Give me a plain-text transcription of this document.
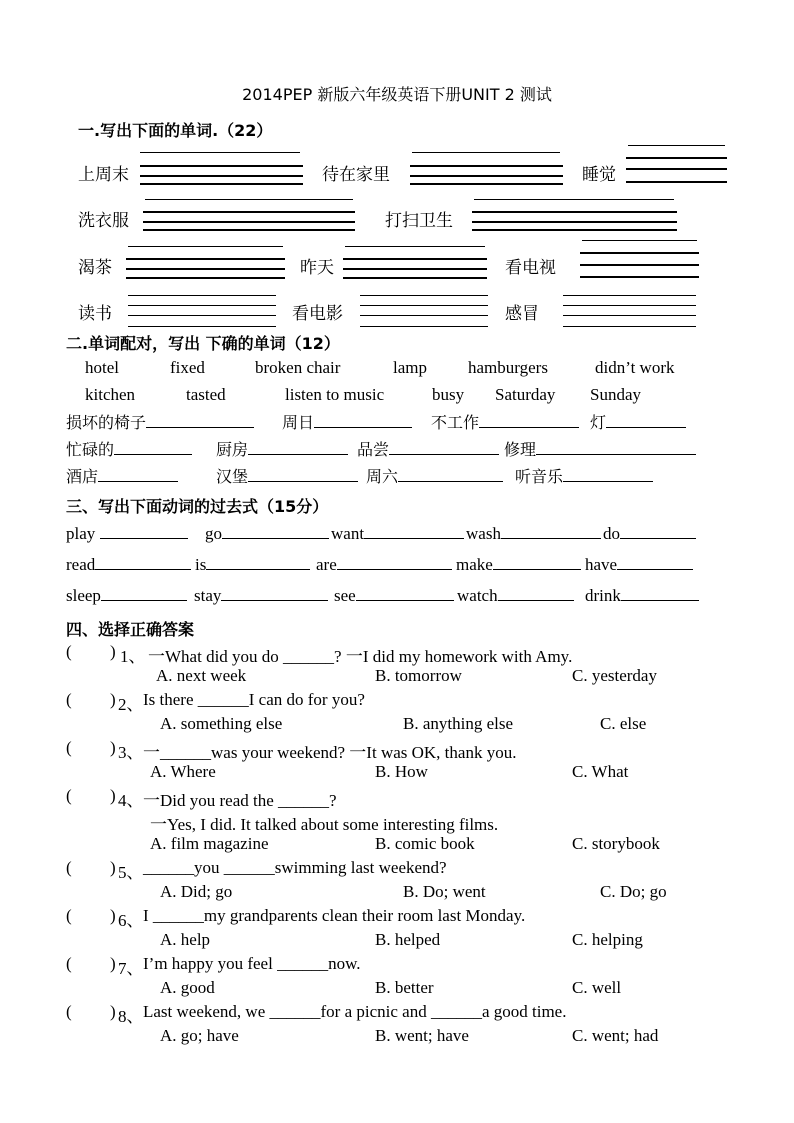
2014PEP 新版六年级英语下册UNIT 2 测试
一.写出下面的单词.（22）
上周末	待在家里	睡觉
洗衣服	打扫卫生
渴茶	昨天	看电视
读书	看电影	感冒
二.单词配对，写出 下确的单词（12）
hotel	fixed	broken chair	lamp hamburgers	didn’t work
kitchen	tasted	listen to music	busy Saturday Sunday
损坏的椅子	周日	不工作	灯
忙碌的	厨房	品尝	修理
酒店	汉堡	周六	听音乐
三、写出下面动词的过去式（15分）
play	go	want	wash	do
read	is	are	make	have
sleep	stay	see	watch	drink
四、选择正确答案
( ) 1、 一What did you do ______? 一I did my homework with Amy.
A. next week	B. tomorrow	C. yesterday
( ) 2、 Is there ______I can do for you?
A. something else	B. anything else	C. else
( ) 3、 一______was your weekend? 一It was OK, thank you.
A. Where	B. How	C. What
( ) 4、 一Did you read the ______?
一Yes, I did. It talked about some interesting films.
A. film magazine	B. comic book	C. storybook
( ) 5、 ______you ______swimming last weekend?
A. Did; go	B. Do; went	C. Do; go
( ) 6、 I ______my grandparents clean their room last Monday.
A. help	B. helped	C. helping
( ) 7、 I’m happy you feel ______now.
A. good	B. better	C. well
( ) 8、 Last weekend, we ______for a picnic and ______a good time.
A. go; have	B. went; have	C. went; had
